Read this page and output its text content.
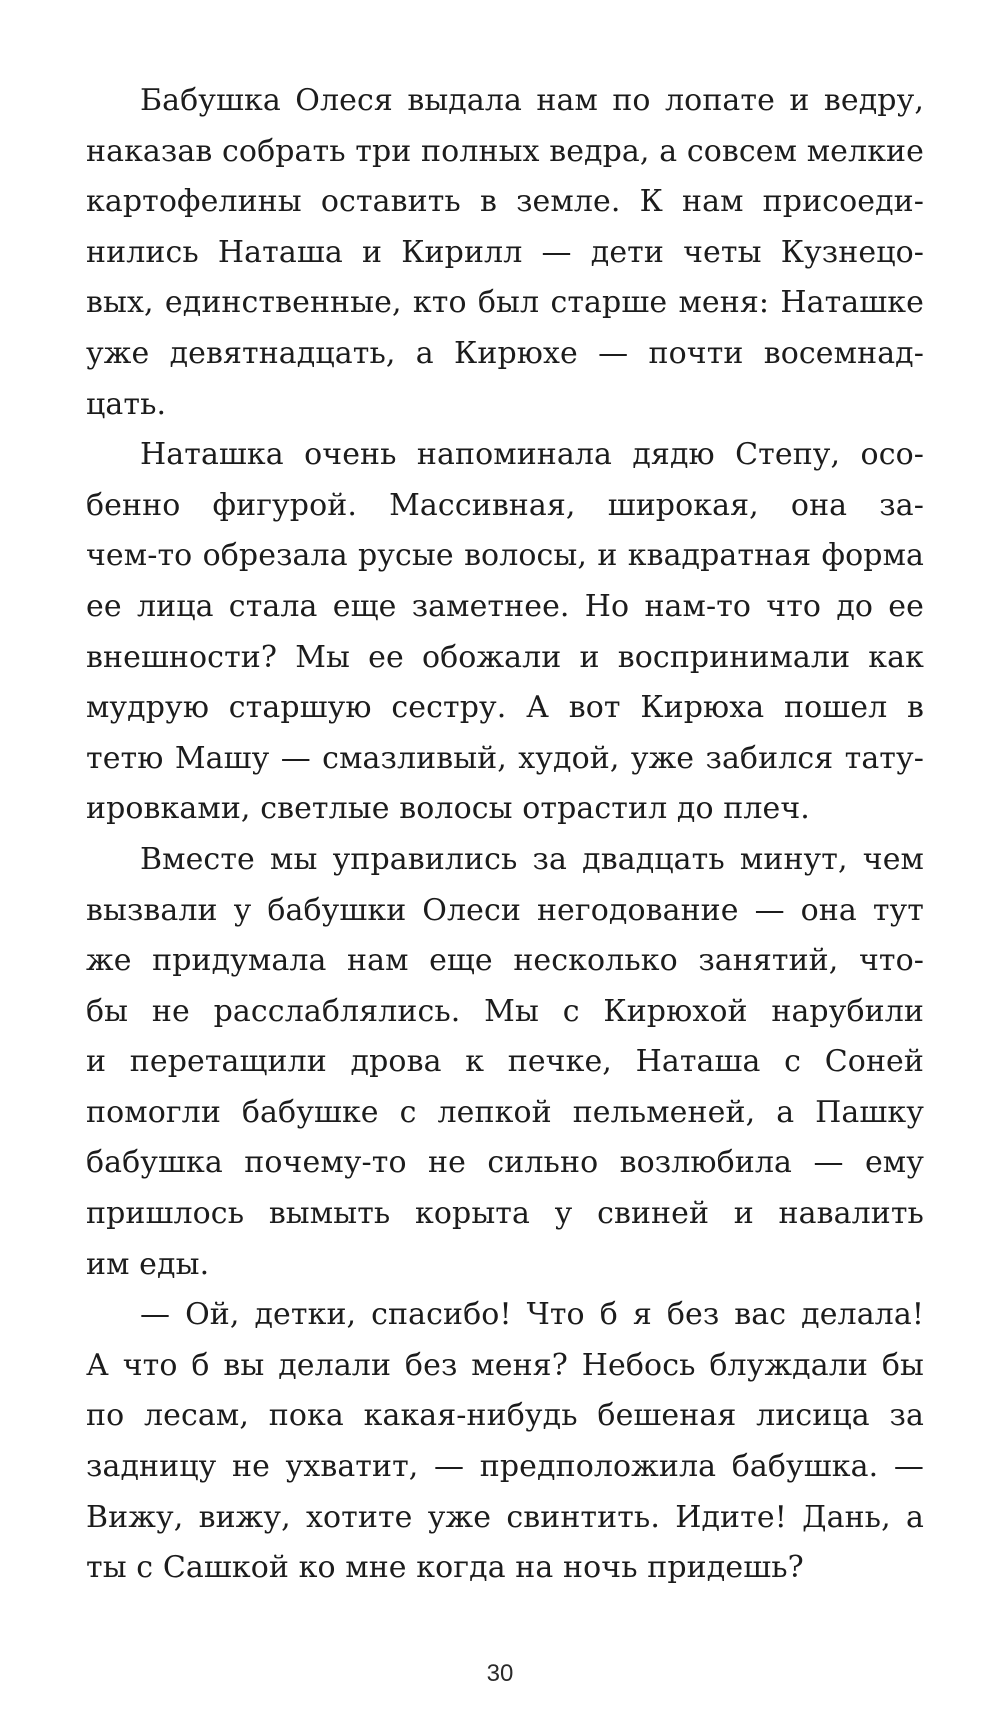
Бабушка Олеся выдала нам по лопате и ведру,
наказав собрать три полных ведра, а совсем мелкие
картофелины оставить в земле. К нам присоеди-
нились Наташа и Кирилл — дети четы Кузнецо-
вых, единственные, кто был старше меня: Наташке
уже девятнадцать, а Кирюхе — почти восемнад-
цать.

Наташка очень напоминала дядю Степу, осо-
бенно фигурой. Массивная, широкая, она за-
чем-то обрезала русые волосы, и квадратная форма
ее лица стала еще заметнее. Но нам-то что до ее
внешности? Мы ее обожали и воспринимали как
мудрую старшую сестру. А вот Кирюха пошел в
тетю Машу — смазливый, худой, уже забился тату-
ировками, светлые волосы отрастил до плеч.

Вместе мы управились за двадцать минут, чем
вызвали у бабушки Олеси негодование — она тут
же придумала нам еще несколько занятий, что-
бы не расслаблялись. Мы с Кирюхой нарубили
и перетащили дрова к печке, Наташа с Соней
помогли бабушке с лепкой пельменей, а Пашку
бабушка почему-то не сильно возлюбила — ему
пришлось вымыть корыта у свиней и навалить
им еды.

— Ой, детки, спасибо! Что б я без вас делала!
А что б вы делали без меня? Небось блуждали бы
по лесам, пока какая-нибудь бешеная лисица за
задницу не ухватит, — предположила бабушка. —
Вижу, вижу, хотите уже свинтить. Идите! Дань, а
ты с Сашкой ко мне когда на ночь придешь?

30
